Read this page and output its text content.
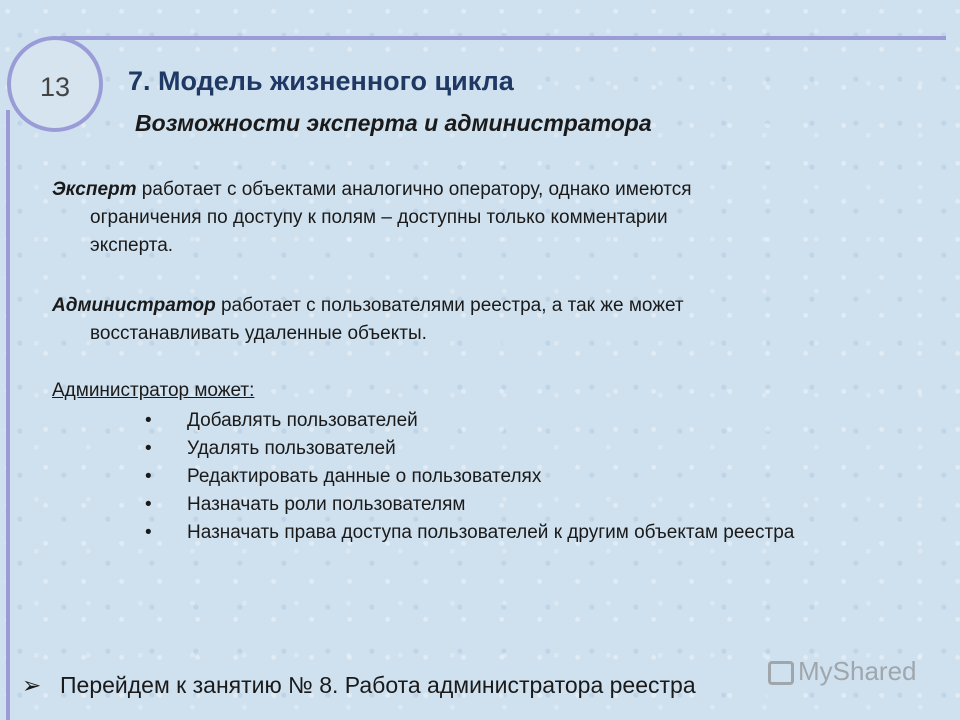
13	7. Модель жизненного цикла
Возможности эксперта и администратора
Эксперт работает с объектами аналогично оператору, однако имеются
ограничения по доступу к полям – доступны только комментарии
эксперта.
Администратор работает с пользователями реестра, а так же может
восстанавливать удаленные объекты.
Администратор может:
• Добавлять пользователей
• Удалять пользователей
• Редактировать данные о пользователях
• Назначать роли пользователям
• Назначать права доступа пользователей к другим объектам реестра
➢ Перейдем к занятию № 8. Работа администратора реестра	MyShared
